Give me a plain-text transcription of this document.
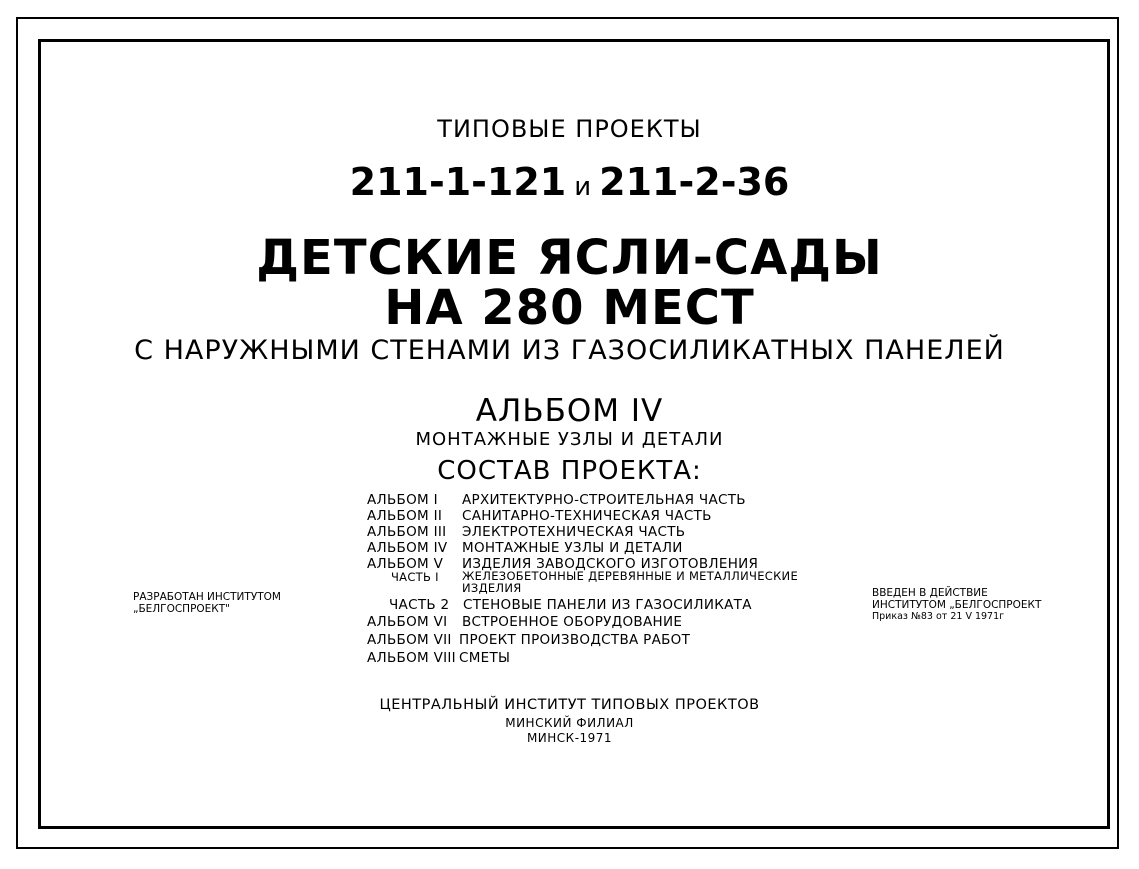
ТИПОВЫЕ ПРОЕКТЫ
211-1-121 и 211-2-36
ДЕТСКИЕ ЯСЛИ-САДЫ
НА 280 МЕСТ
С НАРУЖНЫМИ СТЕНАМИ ИЗ ГАЗОСИЛИКАТНЫХ ПАНЕЛЕЙ
АЛЬБОМ IV
МОНТАЖНЫЕ УЗЛЫ И ДЕТАЛИ
СОСТАВ ПРОЕКТА:
АЛЬБОМ I	АРХИТЕКТУРНО-СТРОИТЕЛЬНАЯ ЧАСТЬ
АЛЬБОМ II	САНИТАРНО-ТЕХНИЧЕСКАЯ ЧАСТЬ
АЛЬБОМ III	ЭЛЕКТРОТЕХНИЧЕСКАЯ ЧАСТЬ
АЛЬБОМ IV	МОНТАЖНЫЕ УЗЛЫ И ДЕТАЛИ
АЛЬБОМ V	ИЗДЕЛИЯ ЗАВОДСКОГО ИЗГОТОВЛЕНИЯ
ЧАСТЬ I	ЖЕЛЕЗОБЕТОННЫЕ ДЕРЕВЯННЫЕ И МЕТАЛЛИЧЕСКИЕ
ИЗДЕЛИЯ
ЧАСТЬ 2	СТЕНОВЫЕ ПАНЕЛИ ИЗ ГАЗОСИЛИКАТА
АЛЬБОМ VI	ВСТРОЕННОЕ ОБОРУДОВАНИЕ
АЛЬБОМ VII ПРОЕКТ ПРОИЗВОДСТВА РАБОТ
АЛЬБОМ VIII СМЕТЫ
РАЗРАБОТАН ИНСТИТУТОМ
„БЕЛГОСПРОЕКТ"
ВВЕДЕН В ДЕЙСТВИЕ
ИНСТИТУТОМ „БЕЛГОСПРОЕКТ
Приказ №83 от 21 V 1971г
ЦЕНТРАЛЬНЫЙ ИНСТИТУТ ТИПОВЫХ ПРОЕКТОВ
МИНСКИЙ ФИЛИАЛ
МИНСК-1971
